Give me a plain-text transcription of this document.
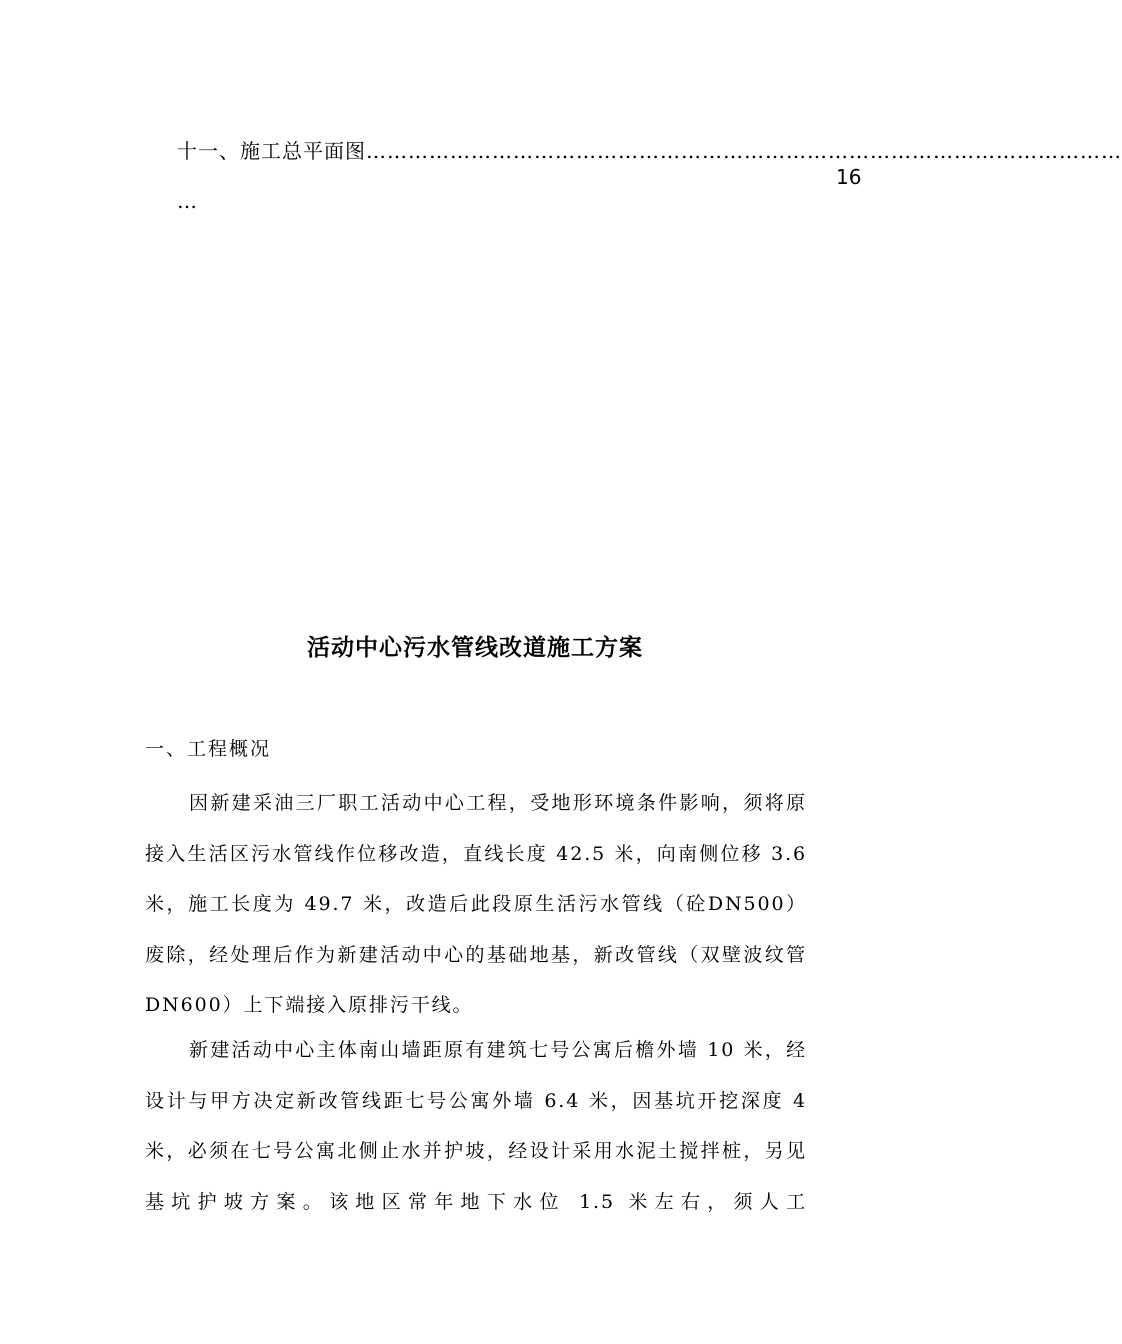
十一、施工总平面图………………………………………………………………………………………………
16
…
活动中心污水管线改道施工方案
一、工程概况

因新建采油三厂职工活动中心工程，受地形环境条件影响，须将原接入生活区污水管线作位移改造，直线长度 42.5 米，向南侧位移 3.6 米，施工长度为 49.7 米，改造后此段原生活污水管线（砼DN500）废除，经处理后作为新建活动中心的基础地基，新改管线（双壁波纹管 DN600）上下端接入原排污干线。

新建活动中心主体南山墙距原有建筑七号公寓后檐外墙 10 米，经设计与甲方决定新改管线距七号公寓外墙 6.4 米，因基坑开挖深度 4 米，必须在七号公寓北侧止水并护坡，经设计采用水泥土搅拌桩，另见基坑护坡方案。该地区常年地下水位 1.5 米左右，须人工
